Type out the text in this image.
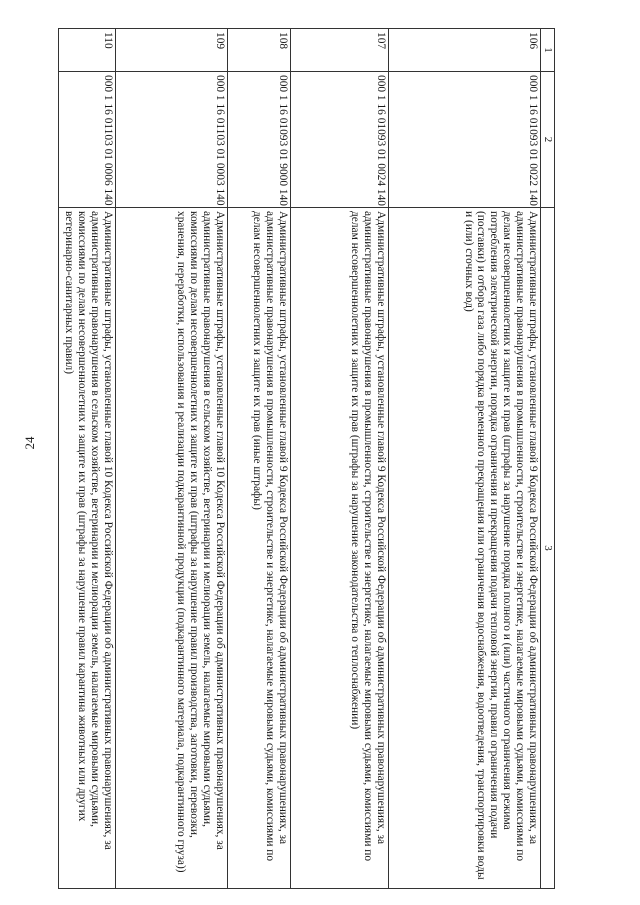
24
1	2	3
106	000 1 16 01093 01 0022 140	Административные штрафы, установленные главой 9 Кодекса Российской Федерации об административных правонарушениях, за административные правонарушения в промышленности, строительстве и энергетике, налагаемые мировыми судьями, комиссиями по делам несовершеннолетних и защите их прав (штрафы за нарушение порядка полного и (или) частичного ограничения режима потребления электрической энергии, порядка ограничения и прекращения подачи тепловой энергии, правил ограничения подачи (поставки) и отбора газа либо порядка временного прекращения или ограничения водоснабжения, водоотведения, транспортировки воды и (или) сточных вод)
107	000 1 16 01093 01 0024 140	Административные штрафы, установленные главой 9 Кодекса Российской Федерации об административных правонарушениях, за административные правонарушения в промышленности, строительстве и энергетике, налагаемые мировыми судьями, комиссиями по делам несовершеннолетних и защите их прав (штрафы за нарушение законодательства о теплоснабжении)
108	000 1 16 01093 01 9000 140	Административные штрафы, установленные главой 9 Кодекса Российской Федерации об административных правонарушениях, за административные правонарушения в промышленности, строительстве и энергетике, налагаемые мировыми судьями, комиссиями по делам несовершеннолетних и защите их прав (иные штрафы)
109	000 1 16 01103 01 0003 140	Административные штрафы, установленные главой 10 Кодекса Российской Федерации об административных правонарушениях, за административные правонарушения в сельском хозяйстве, ветеринарии и мелиорации земель, налагаемые мировыми судьями, комиссиями по делам несовершеннолетних и защите их прав (штрафы за нарушение правил производства, заготовки, перевозки, хранения, переработки, использования и реализации подкарантинной продукции (подкарантинного материала, подкарантинного груза))
110	000 1 16 01103 01 0006 140	Административные штрафы, установленные главой 10 Кодекса Российской Федерации об административных правонарушениях, за административные правонарушения в сельском хозяйстве, ветеринарии и мелиорации земель, налагаемые мировыми судьями, комиссиями по делам несовершеннолетних и защите их прав (штрафы за нарушение правил карантина животных или других ветеринарно-санитарных правил)
